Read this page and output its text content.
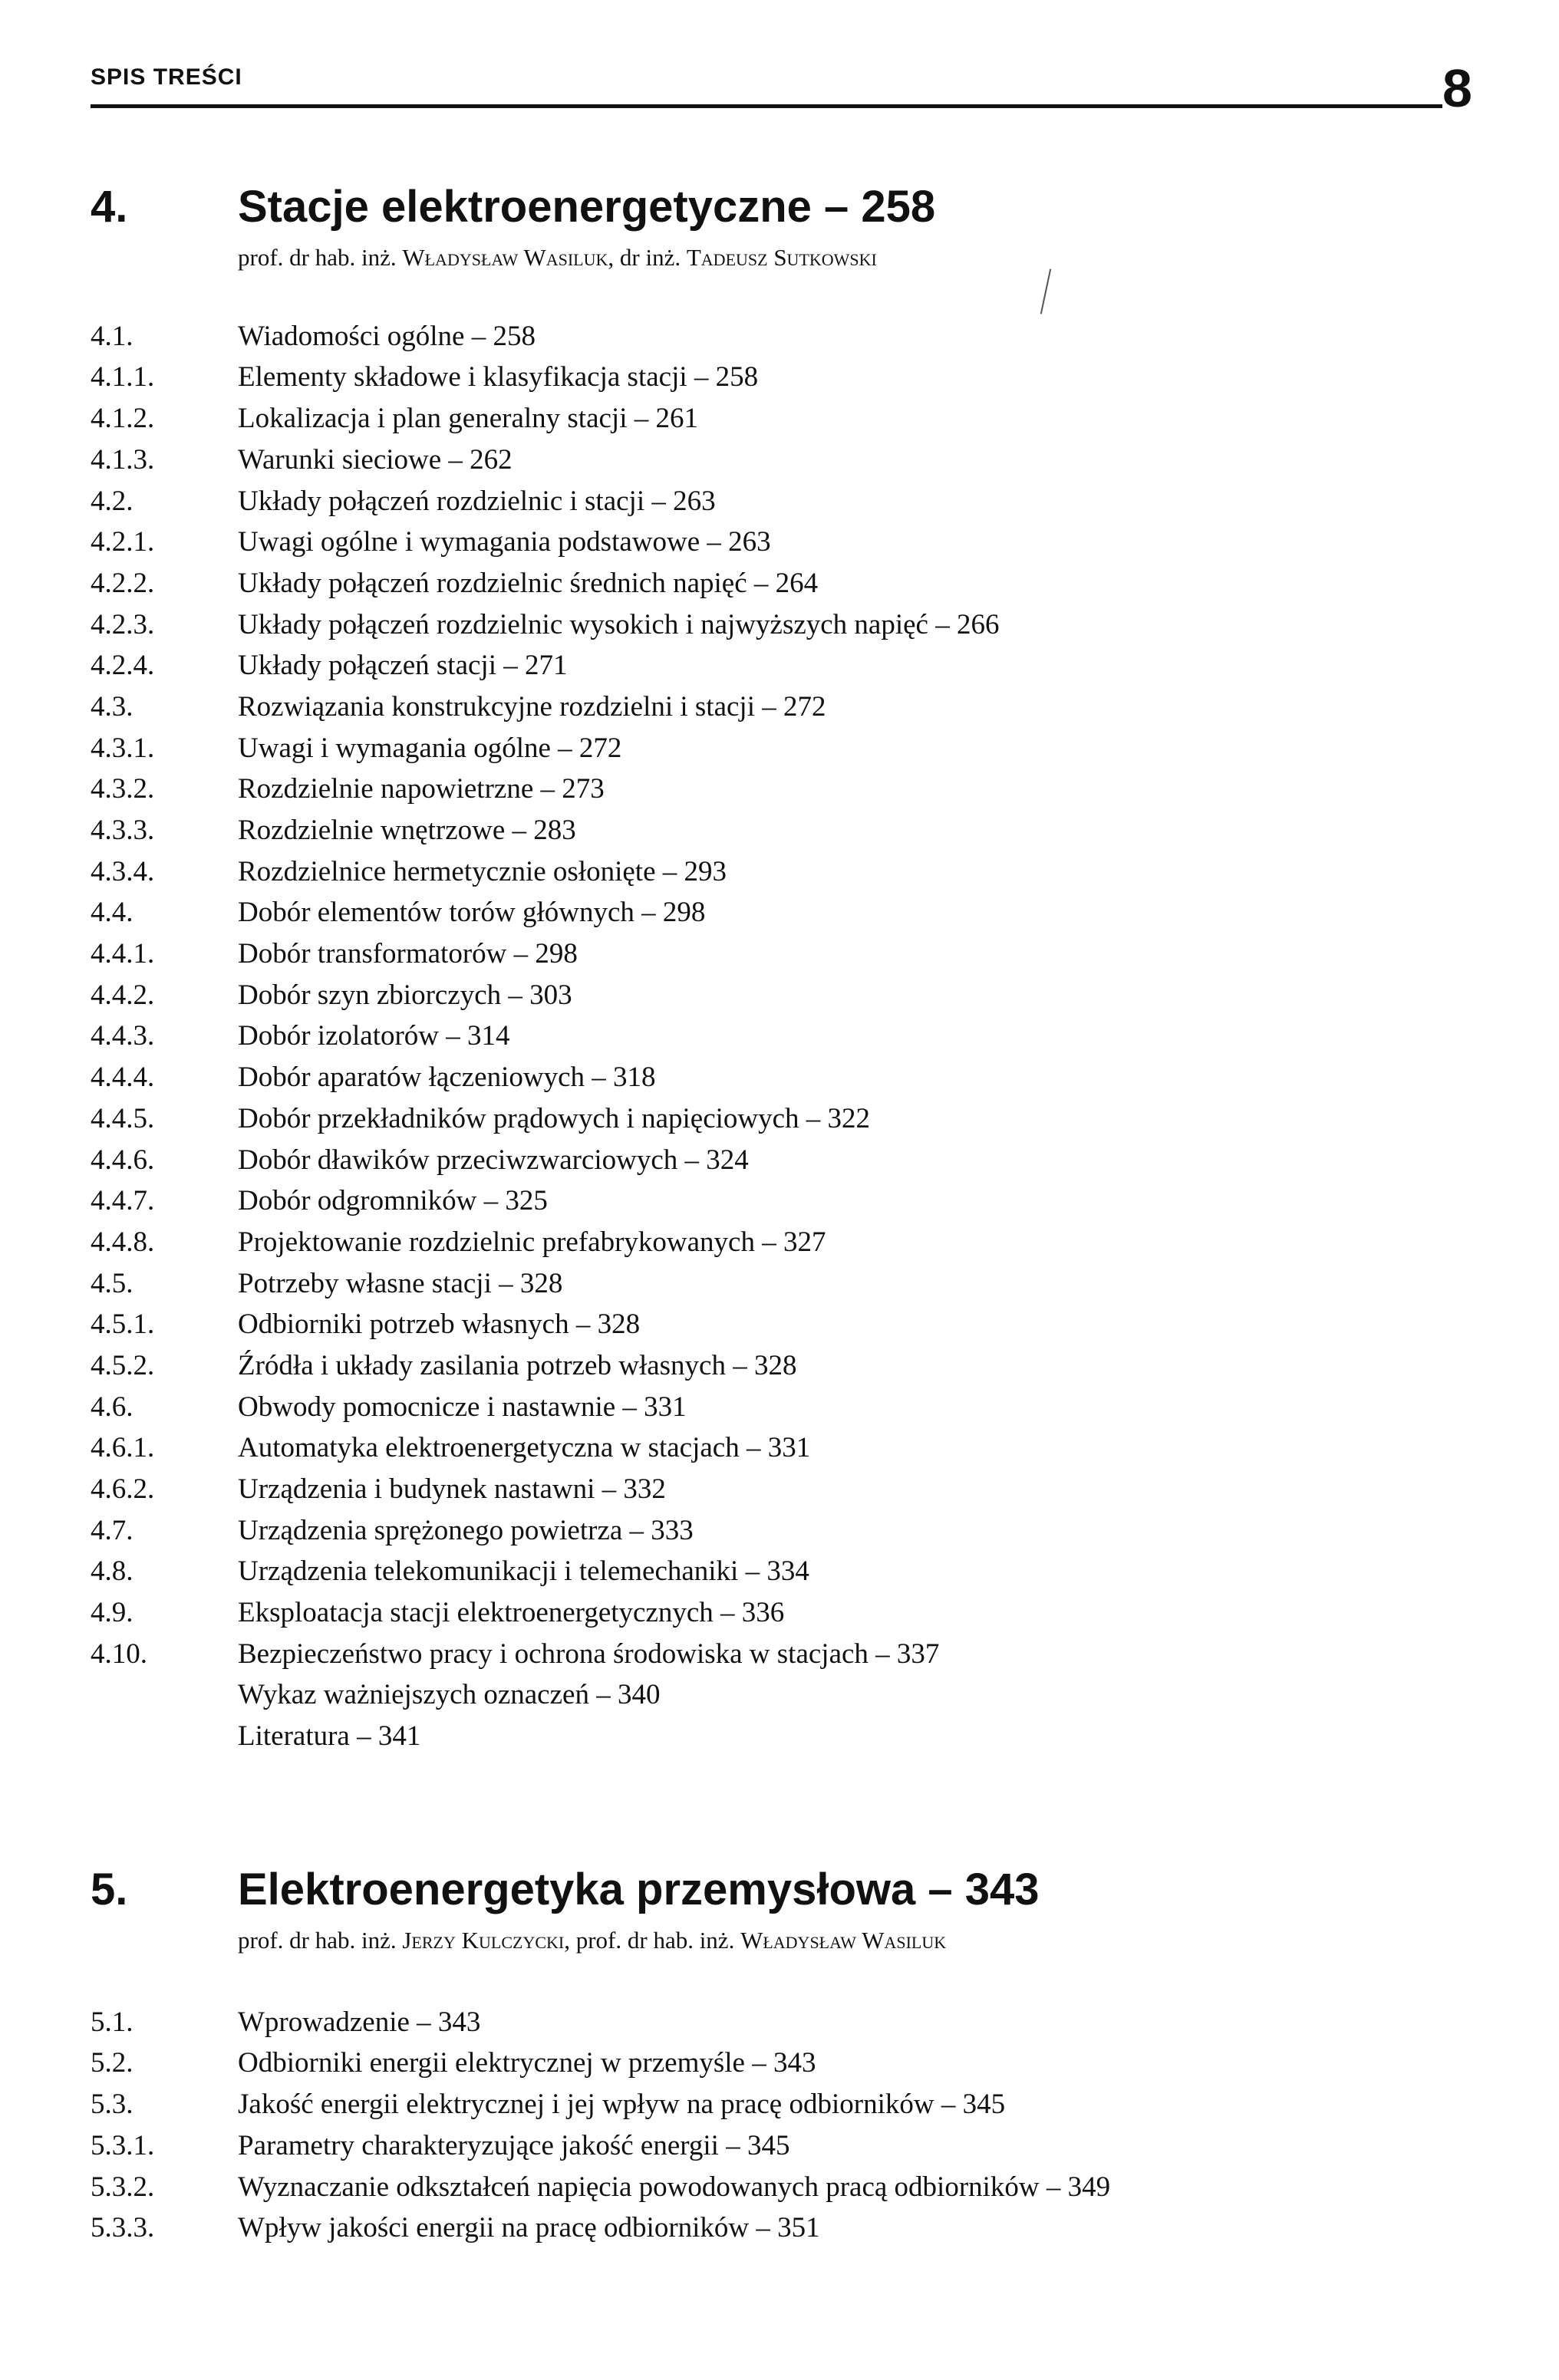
SPIS TREŚCI	8
4.	Stacje elektroenergetyczne – 258
prof. dr hab. inż. Władysław Wasiluk, dr inż. Tadeusz Sutkowski
4.1.	Wiadomości ogólne – 258
4.1.1.	Elementy składowe i klasyfikacja stacji – 258
4.1.2.	Lokalizacja i plan generalny stacji – 261
4.1.3.	Warunki sieciowe – 262
4.2.	Układy połączeń rozdzielnic i stacji – 263
4.2.1.	Uwagi ogólne i wymagania podstawowe – 263
4.2.2.	Układy połączeń rozdzielnic średnich napięć – 264
4.2.3.	Układy połączeń rozdzielnic wysokich i najwyższych napięć – 266
4.2.4.	Układy połączeń stacji – 271
4.3.	Rozwiązania konstrukcyjne rozdzielni i stacji – 272
4.3.1.	Uwagi i wymagania ogólne – 272
4.3.2.	Rozdzielnie napowietrzne – 273
4.3.3.	Rozdzielnie wnętrzowe – 283
4.3.4.	Rozdzielnice hermetycznie osłonięte – 293
4.4.	Dobór elementów torów głównych – 298
4.4.1.	Dobór transformatorów – 298
4.4.2.	Dobór szyn zbiorczych – 303
4.4.3.	Dobór izolatorów – 314
4.4.4.	Dobór aparatów łączeniowych – 318
4.4.5.	Dobór przekładników prądowych i napięciowych – 322
4.4.6.	Dobór dławików przeciwzwarciowych – 324
4.4.7.	Dobór odgromników – 325
4.4.8.	Projektowanie rozdzielnic prefabrykowanych – 327
4.5.	Potrzeby własne stacji – 328
4.5.1.	Odbiorniki potrzeb własnych – 328
4.5.2.	Źródła i układy zasilania potrzeb własnych – 328
4.6.	Obwody pomocnicze i nastawnie – 331
4.6.1.	Automatyka elektroenergetyczna w stacjach – 331
4.6.2.	Urządzenia i budynek nastawni – 332
4.7.	Urządzenia sprężonego powietrza – 333
4.8.	Urządzenia telekomunikacji i telemechaniki – 334
4.9.	Eksploatacja stacji elektroenergetycznych – 336
4.10.	Bezpieczeństwo pracy i ochrona środowiska w stacjach – 337
Wykaz ważniejszych oznaczeń – 340
Literatura – 341
5.	Elektroenergetyka przemysłowa – 343
prof. dr hab. inż. Jerzy Kulczycki, prof. dr hab. inż. Władysław Wasiluk
5.1.	Wprowadzenie – 343
5.2.	Odbiorniki energii elektrycznej w przemyśle – 343
5.3.	Jakość energii elektrycznej i jej wpływ na pracę odbiorników – 345
5.3.1.	Parametry charakteryzujące jakość energii – 345
5.3.2.	Wyznaczanie odkształceń napięcia powodowanych pracą odbiorników – 349
5.3.3.	Wpływ jakości energii na pracę odbiorników – 351
